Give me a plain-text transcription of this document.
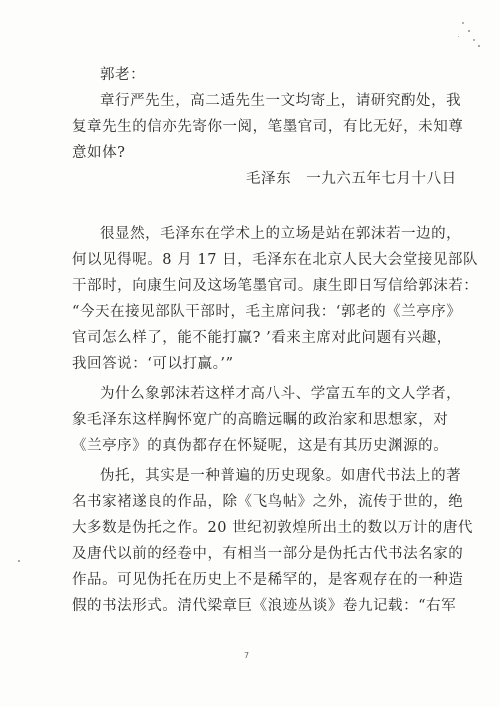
郭老：
章行严先生，高二适先生一文均寄上，请研究酌处，我
复章先生的信亦先寄你一阅，笔墨官司，有比无好，未知尊
意如体?
毛泽东　一九六五年七月十八日
很显然，毛泽东在学术上的立场是站在郭沫若一边的，
何以见得呢。8 月 17 日，毛泽东在北京人民大会堂接见部队
干部时，向康生问及这场笔墨官司。康生即日写信给郭沫若：
“今天在接见部队干部时，毛主席问我：‘郭老的《兰亭序》
官司怎么样了，能不能打赢? ’看来主席对此问题有兴趣，
我回答说：‘可以打赢。’”
为什么象郭沫若这样才高八斗、学富五车的文人学者，
象毛泽东这样胸怀宽广的高瞻远瞩的政治家和思想家，对
《兰亭序》的真伪都存在怀疑呢，这是有其历史渊源的。
伪托，其实是一种普遍的历史现象。如唐代书法上的著
名书家褚遂良的作品，除《飞鸟帖》之外，流传于世的，绝
大多数是伪托之作。20 世纪初敦煌所出土的数以万计的唐代
及唐代以前的经卷中，有相当一部分是伪托古代书法名家的
作品。可见伪托在历史上不是稀罕的，是客观存在的一种造
假的书法形式。清代梁章巨《浪迹丛谈》卷九记载：“右军
7
